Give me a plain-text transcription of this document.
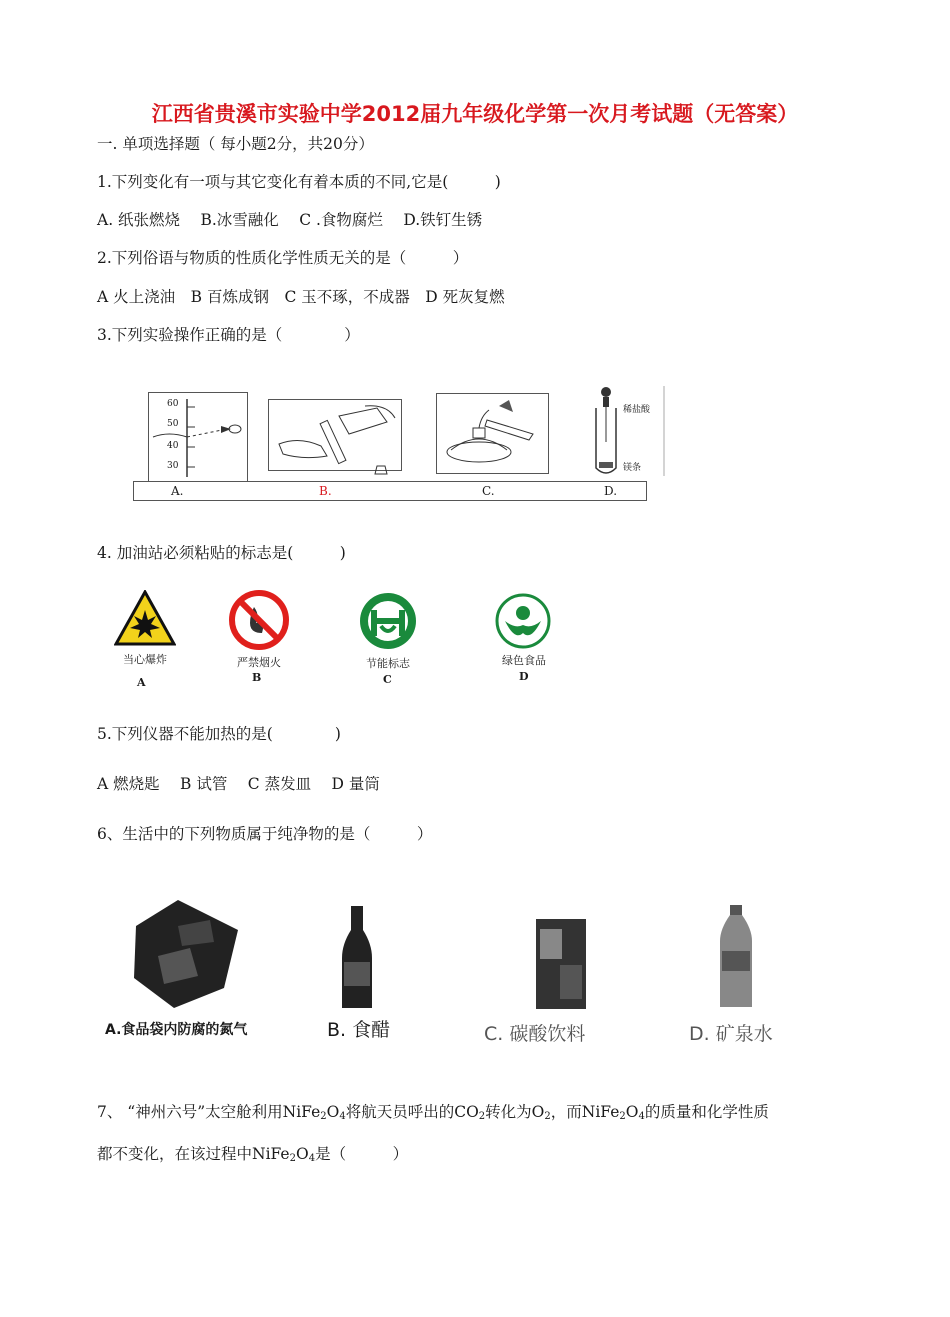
江西省贵溪市实验中学2012届九年级化学第一次月考试题（无答案）
一. 单项选择题（ 每小题2分，共20分）
1.下列变化有一项与其它变化有着本质的不同,它是(　　　)
A. 纸张燃烧　 B.冰雪融化　 C .食物腐烂　 D.铁钉生锈
2.下列俗语与物质的性质化学性质无关的是（　　　）
A 火上浇油　B 百炼成钢　C 玉不琢，不成器　D 死灰复燃
3.下列实验操作正确的是（　　　　）
60
50
40
30
稀盐酸
镁条
A.	B.	C.	D.
4. 加油站必须粘贴的标志是(　　　)
当心爆炸
A
严禁烟火
B
节能标志
C
绿色食品
D
5.下列仪器不能加热的是(　　　　)
A 燃烧匙　 B 试管　 C 蒸发皿　 D 量筒
6、生活中的下列物质属于纯净物的是（　　　）
A.食品袋内防腐的氮气	B. 食醋	C. 碳酸饮料	D. 矿泉水
7、 “神州六号”太空舱利用$NiFe_2O_4$将航天员呼出的$CO_2$转化为$O_2$，而$NiFe_2O_4$的质量和化学性质
都不变化，在该过程中$NiFe_2O_4$是（　　　）
